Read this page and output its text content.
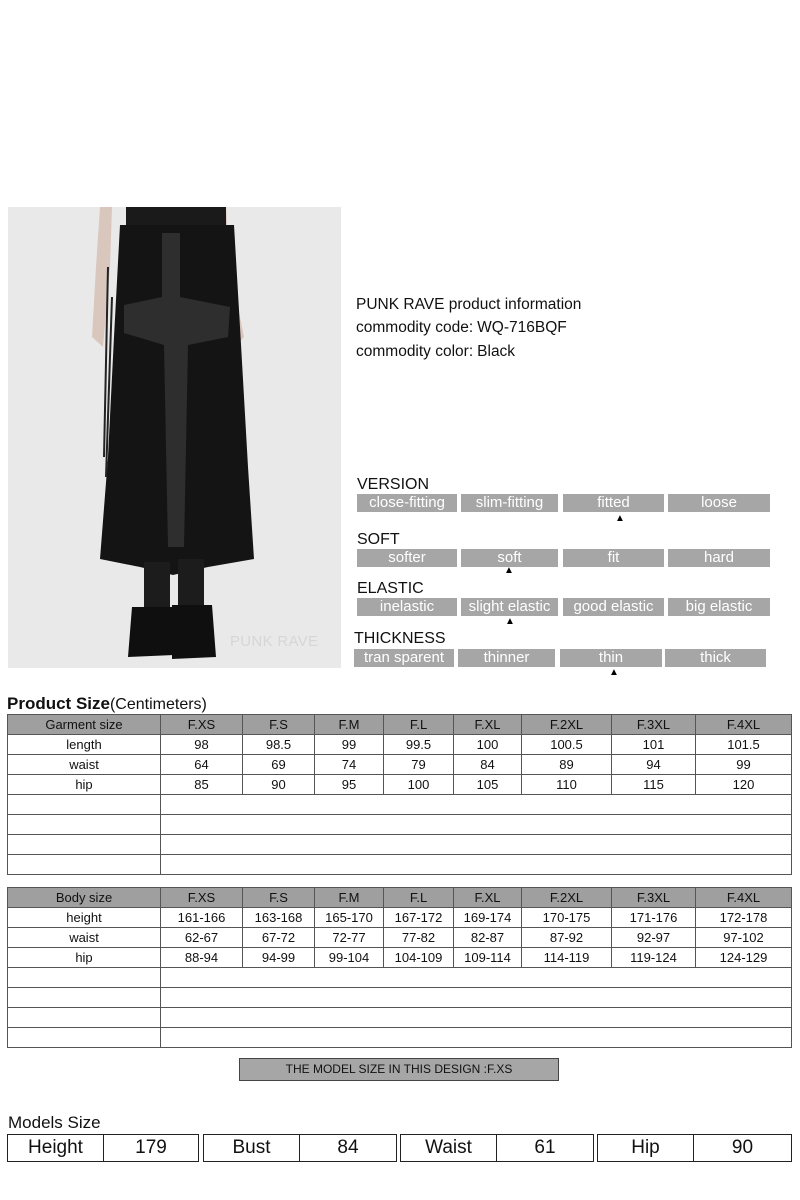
PUNK RAVE
PUNK RAVE product information
commodity code: WQ-716BQF
commodity color: Black
VERSION
close-fitting	slim-fitting	fitted	loose
▲
SOFT
softer	soft	fit	hard
▲
ELASTIC
inelastic	slight elastic	good elastic	big elastic
▲
THICKNESS
tran sparent	thinner	thin	thick
▲
Product Size(Centimeters)
Garment size	F.XS	F.S	F.M	F.L	F.XL	F.2XL	F.3XL	F.4XL
length	98	98.5	99	99.5	100	100.5	101	101.5
waist	64	69	74	79	84	89	94	99
hip	85	90	95	100	105	110	115	120

Body size	F.XS	F.S	F.M	F.L	F.XL	F.2XL	F.3XL	F.4XL
height	161-166	163-168	165-170	167-172	169-174	170-175	171-176	172-178
waist	62-67	67-72	72-77	77-82	82-87	87-92	92-97	97-102
hip	88-94	94-99	99-104	104-109	109-114	114-119	119-124	124-129

THE MODEL SIZE IN THIS DESIGN :F.XS
Models Size
Height	179	Bust	84	Waist	61	Hip	90
